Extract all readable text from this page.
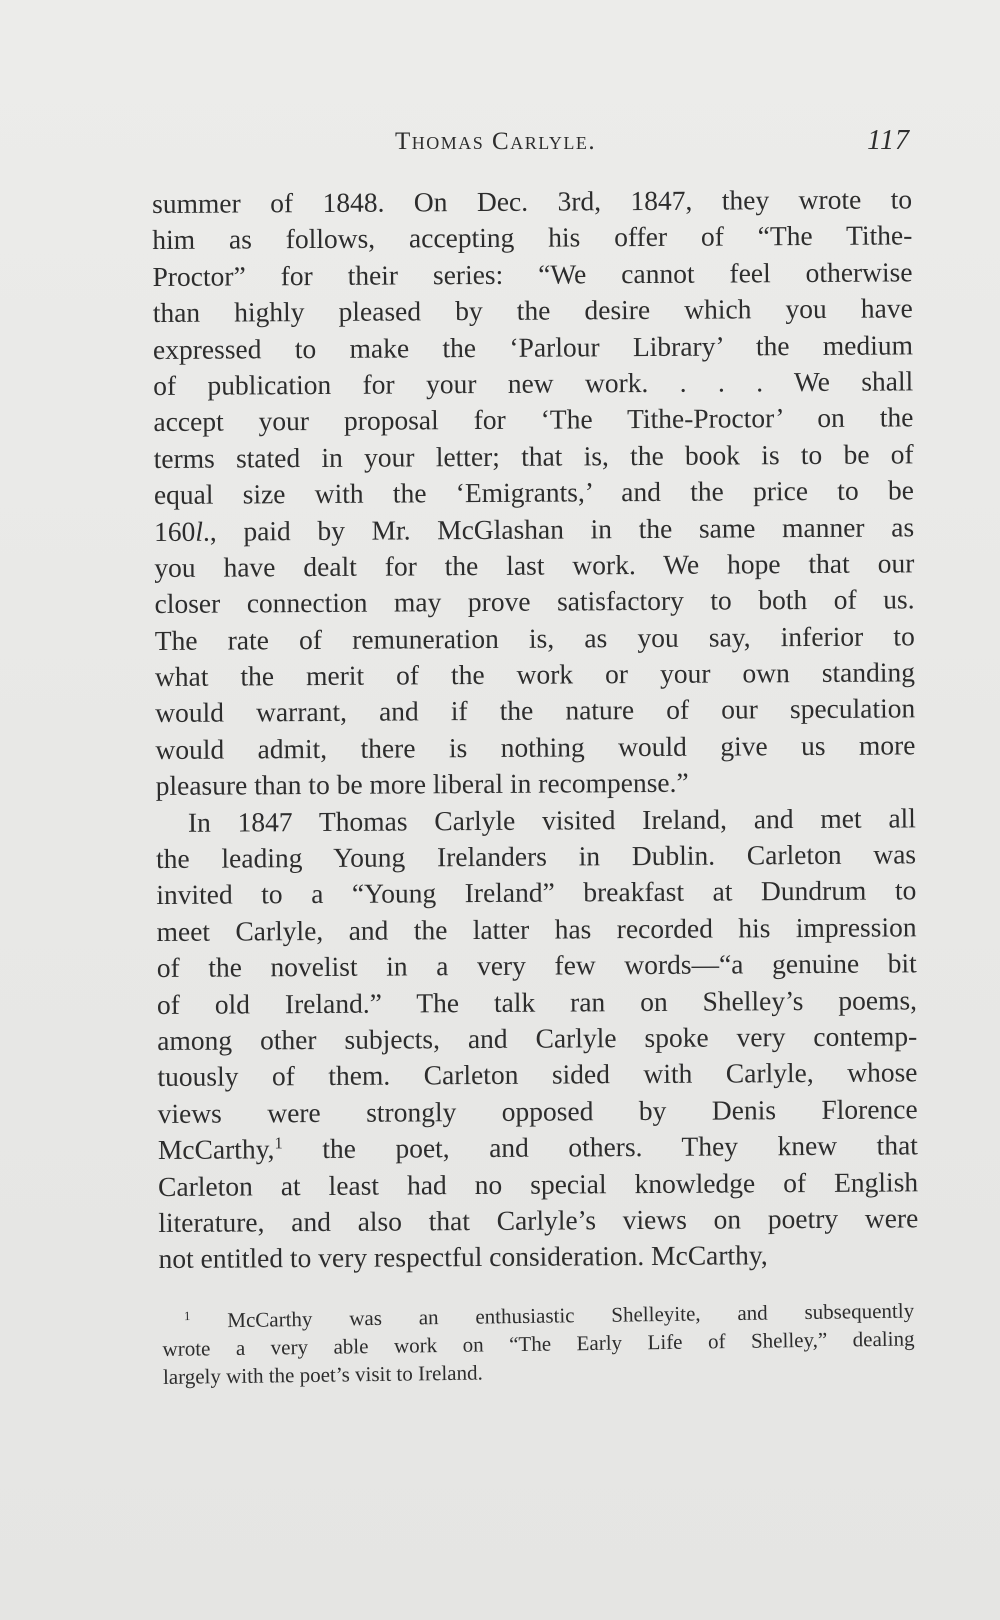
Thomas Carlyle.	117
summer of 1848. On Dec. 3rd, 1847, they wrote to
him as follows, accepting his offer of “The Tithe-
Proctor” for their series: “We cannot feel otherwise
than highly pleased by the desire which you have
expressed to make the ‘Parlour Library’ the medium
of publication for your new work. . . . We shall
accept your proposal for ‘The Tithe-Proctor’ on the
terms stated in your letter; that is, the book is to be of
equal size with the ‘Emigrants,’ and the price to be
160l., paid by Mr. McGlashan in the same manner as
you have dealt for the last work. We hope that our
closer connection may prove satisfactory to both of us.
The rate of remuneration is, as you say, inferior to
what the merit of the work or your own standing
would warrant, and if the nature of our speculation
would admit, there is nothing would give us more
pleasure than to be more liberal in recompense.”
In 1847 Thomas Carlyle visited Ireland, and met all
the leading Young Irelanders in Dublin. Carleton was
invited to a “Young Ireland” breakfast at Dundrum to
meet Carlyle, and the latter has recorded his impression
of the novelist in a very few words—“a genuine bit
of old Ireland.” The talk ran on Shelley’s poems,
among other subjects, and Carlyle spoke very contemp-
tuously of them. Carleton sided with Carlyle, whose
views were strongly opposed by Denis Florence
McCarthy,$^1$ the poet, and others. They knew that
Carleton at least had no special knowledge of English
literature, and also that Carlyle’s views on poetry were
not entitled to very respectful consideration. McCarthy,
$^1$ McCarthy was an enthusiastic Shelleyite, and subsequently
wrote a very able work on “The Early Life of Shelley,” dealing
largely with the poet’s visit to Ireland.
